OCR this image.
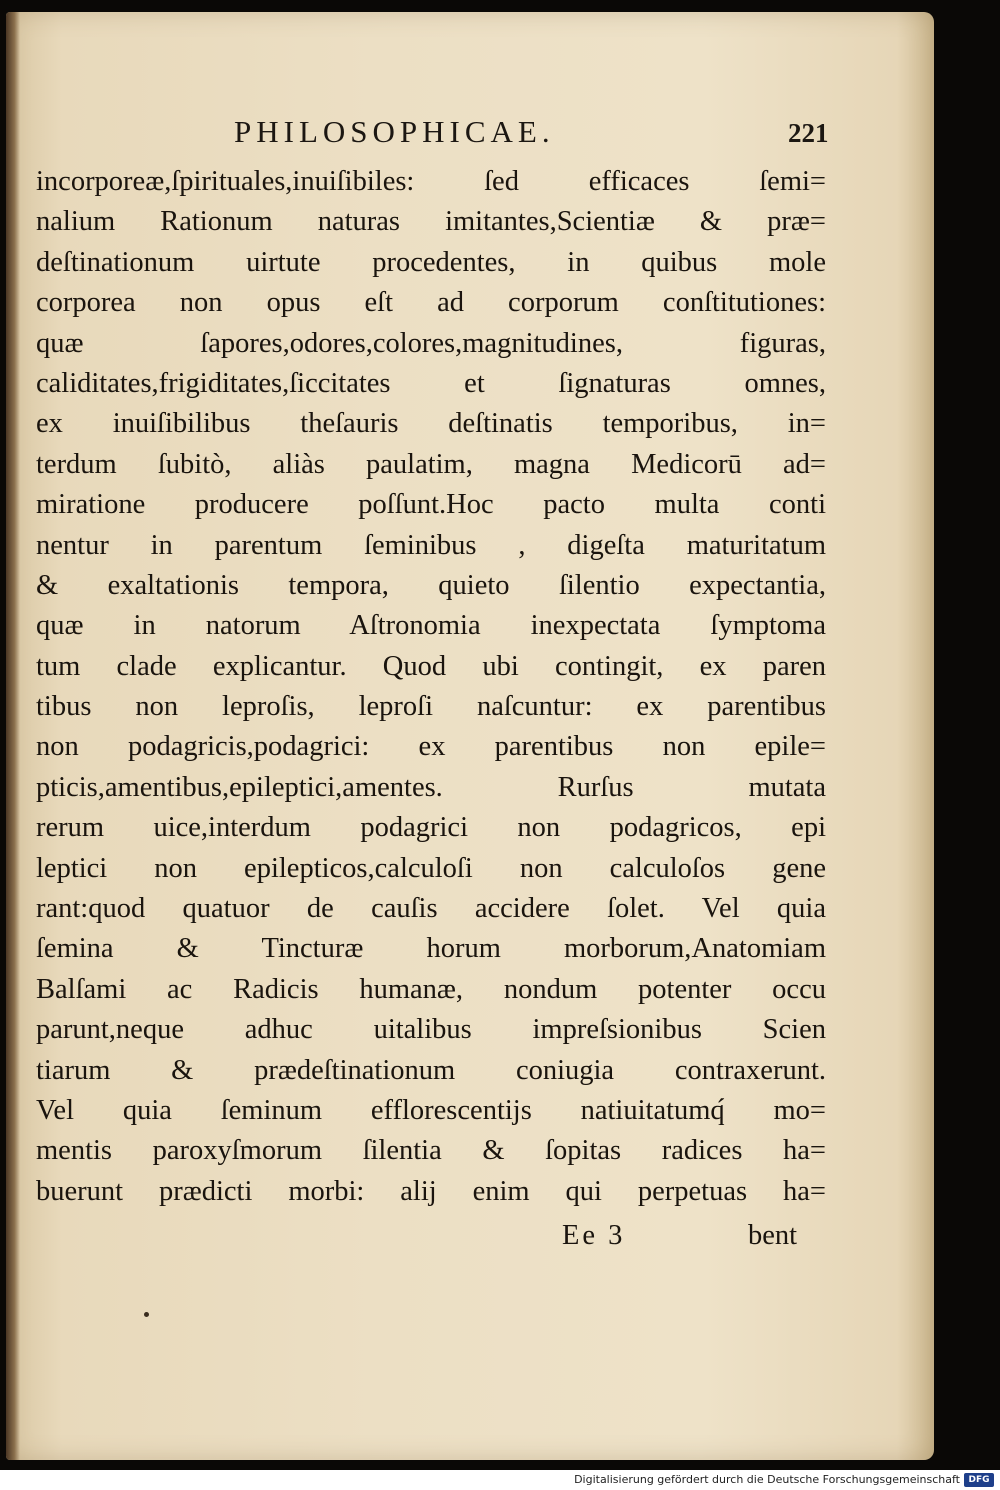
PHILOSOPHICAE.	221
incorporeæ,ſpirituales,inuiſibiles: ſed efficaces ſemi=
nalium Rationum naturas imitantes,Scientiæ & præ=
deſtinationum uirtute procedentes, in quibus mole
corporea non opus eſt ad corporum conſtitutiones:
quæ ſapores,odores,colores,magnitudines, figuras,
caliditates,frigiditates,ſiccitates et ſignaturas omnes,
ex inuiſibilibus theſauris deſtinatis temporibus, in=
terdum ſubitò, aliàs paulatim, magna Medicorū ad=
miratione producere poſſunt.Hoc pacto multa conti
nentur in parentum ſeminibus , digeſta maturitatum
& exaltationis tempora, quieto ſilentio expectantia,
quæ in natorum Aſtronomia inexpectata ſymptoma
tum clade explicantur. Quod ubi contingit, ex paren
tibus non leproſis, leproſi naſcuntur: ex parentibus
non podagricis,podagrici: ex parentibus non epile=
pticis,amentibus,epileptici,amentes. Rurſus mutata
rerum uice,interdum podagrici non podagricos, epi
leptici non epilepticos,calculoſi non calculoſos gene
rant:quod quatuor de cauſis accidere ſolet. Vel quia
ſemina & Tincturæ horum morborum,Anatomiam
Balſami ac Radicis humanæ, nondum potenter occu
parunt,neque adhuc uitalibus impreſsionibus Scien
tiarum & prædeſtinationum coniugia contraxerunt.
Vel quia ſeminum efflorescentijs natiuitatumq́ mo=
mentis paroxyſmorum ſilentia & ſopitas radices ha=
buerunt prædicti morbi: alij enim qui perpetuas ha=
Ee 3	bent
Digitalisierung gefördert durch die Deutsche Forschungsgemeinschaft DFG
